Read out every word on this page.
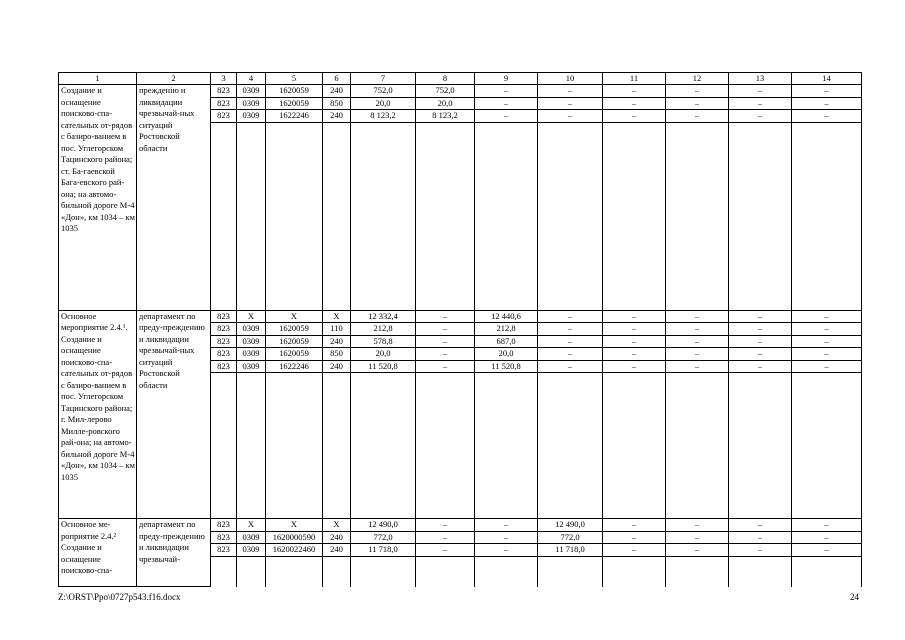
1	2	3	4	5	6	7	8	9	10	11	12	13	14
Создание и оснащение поисково-спа-сательных от-рядов с базиро-ванием в пос. Углегорском Тацинского района; ст. Ба-гаевской Бага-евского рай-она; на автомо-бильной дороге М-4 «Дон», км 1034 – км 1035	прежденію и ликвидации чрезвычай-ных ситуаций Ростовской области	823	0309	1620059	240	752,0	752,0	–	–	–	–	–	–
		823	0309	1620059	850	20,0	20,0	–	–	–	–	–	–
		823	0309	1622246	240	8 123,2	8 123,2	–	–	–	–	–	–

Основное мероприятие 2.4.¹. Создание и оснащение поисково-спа-сательных от-рядов с базиро-ванием в пос. Углегорском Тацинского района; г. Мил-лерово Милле-ровского рай-она; на автомо-бильной дороге М-4 «Дон», км 1034 – км 1035	департамент по преду-преждению и ликвидации чрезвычай-ных ситуаций Ростовской области	823	X	X	X	12 332,4	–	12 440,6	–	–	–	–	–
		823	0309	1620059	110	212,8	–	212,8	–	–	–	–	–
		823	0309	1620059	240	578,8	–	687,0	–	–	–	–	–
		823	0309	1620059	850	20,0	–	20,0	–	–	–	–	–
		823	0309	1622246	240	11 520,8	–	11 520,8	–	–	–	–	–

Основное ме-роприятие 2.4.² Создание и оснащение поисково-спа-	департамент по преду-преждению и ликвидации чрезвычай-	823	X	X	X	12 490,0	–	–	12 490,0	–	–	–	–
		823	0309	1620000590	240	772,0	–	–	772,0	–	–	–	–
		823	0309	1620022460	240	11 718,0	–	–	11 718,0	–	–	–	–

Z:\ORST\Ppo\0727p543.f16.docx	24
